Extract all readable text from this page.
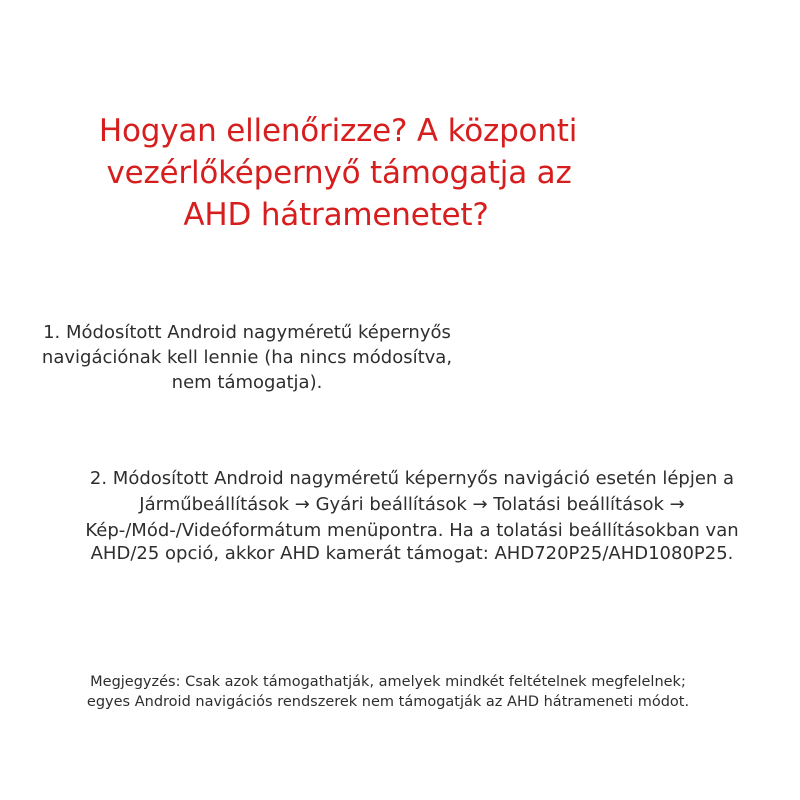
Hogyan ellenőrizze? A központi

vezérlőképernyő támogatja az

AHD hátramenetet?

1. Módosított Android nagyméretű képernyős

navigációnak kell lennie (ha nincs módosítva,

nem támogatja).

2. Módosított Android nagyméretű képernyős navigáció esetén lépjen a

Járműbeállítások → Gyári beállítások → Tolatási beállítások →

Kép-/Mód-/Videóformátum menüpontra. Ha a tolatási beállításokban van

AHD/25 opció, akkor AHD kamerát támogat: AHD720P25/AHD1080P25.

Megjegyzés: Csak azok támogathatják, amelyek mindkét feltételnek megfelelnek;

egyes Android navigációs rendszerek nem támogatják az AHD hátrameneti módot.
